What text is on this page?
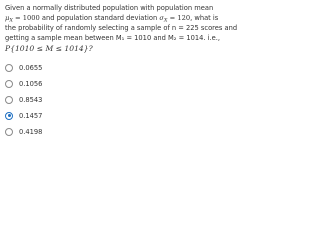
Given a normally distributed population with population mean
$\mu_X = 1000$ and population standard deviation $\sigma_X = 120$, what is
the probability of randomly selecting a sample of n = 225 scores and
getting a sample mean between M₁ = 1010 and M₂ = 1014. i.e.,
P{1010 ≤ M ≤ 1014}?
0.0655
0.1056
0.8543
0.1457
0.4198
